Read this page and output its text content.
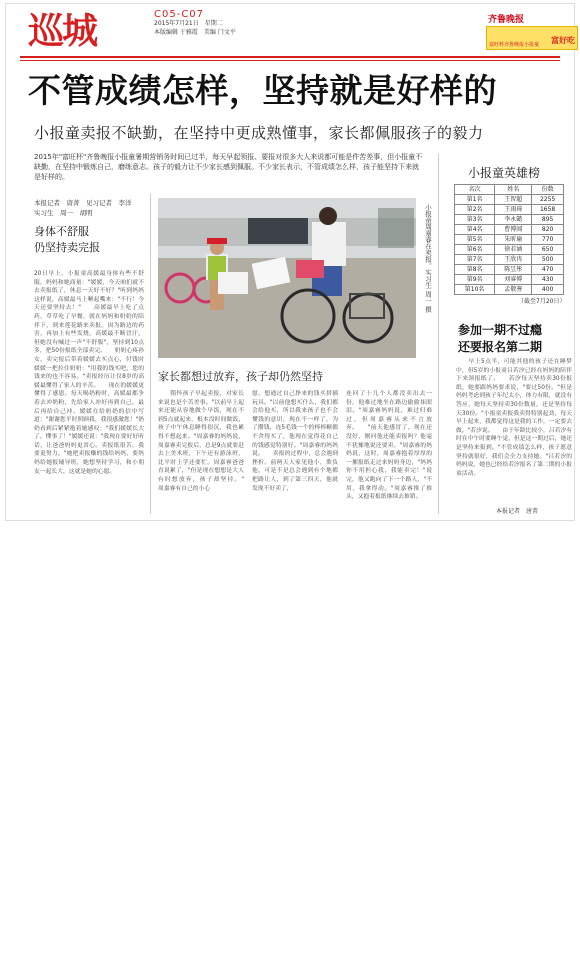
巡城	C05-C07
2015年7月21日　星期二
本版编辑 于雅霞　美编 门文平
齐鲁晚报
富旺杯齐鲁晚报小报童	富好吃
不管成绩怎样，坚持就是好样的
小报童卖报不缺勤，在坚持中更成熟懂事，家长都佩服孩子的毅力
2015年"富旺杯"齐鲁晚报小报童暑期营销务时间已过半，每天早起领报、要报对很多大人来说都可能是件苦差事，但小报童不缺勤，在坚持中锻炼自己，磨练意志。孩子的毅力让不少家长感到佩服。不少家长表示，不管成绩怎么样，孩子能坚持下来就是好样的。
本报记者　唐菁　见习记者　李洋
实习生　周一　胡明
身体不舒服
仍坚持卖完报
20日早上，小报童高媛最身体有些不舒服，妈妈和她商量："媛媛，今天咱们就不去卖报纸了，休息一天好不好？"听到妈妈这样说，高媛最马上噘起嘴来："不行！今天还要坚持去！"　　高媛最早上吃了点药，草草吃了早餐，就在妈妈和奶奶的陪伴下，到来莲花路来卖报。因为路边的药害，再加上有些发烧，高媛最不断冒汗，但她没有喊过一声"不舒服"，坚持到10点多，把50份报纸全部卖完。　　奶奶心疼孙女，卖完报后带着媛媛去买点心，付钱时媛媛一把拉住奶奶："用我的钱买吧，您的钱来的也不容易。"卖报经历让仅8岁的高媛最懂得了家人的辛苦。　　现在的媛媛更懂得了感恩。每天喝奶粉时，高媛最都争着去冲奶粉，先给家人冲好再到自己，最后再给自己冲。媛媛在给奶奶的信中写道："谢谢您平时照顾我，我很感激您！"奶奶看到后紧紧抱着她感叹："我们媛媛长大了，懂事了！"媛媛还说："我现在要好好听话，让爸爸妈妈更省心。卖报纸很苦，我要更努力。"她把卖报赚的钱给妈妈，要妈妈给她报辅导班，她想坚持学习，和小朋友一起长大，这就是她的心愿。
小报童周嘉睿在卖报。实习生 周一 摄
家长都想过放弃，孩子却仍然坚持
　　隋怀孩子早起卖报，对家长来说也是个苦差事。"以前早上起来还能从容地做个早饭，现在不到5点就起来，根本没时间做饭，孩子中午休息睡得很沉，我也累得不想起来。"周嘉睿的妈妈说，周嘉睿卖完报后，总是9点就要赶去上美术班，下午还有游泳班，比平时上学还要忙。周嘉睿爸爸直说累了，"但是现在想想是大人有时想放弃，孩子却坚持。"　　周嘉睿有自己的小心
愿，想通过自己挣来的钱买拼插玩具。"以前他想买什么，我们都会给他买，所以我来孩子也不会懂钱的意识，现在不一样了，为了攒钱，连5毛钱一个的棒棒糖都不舍得买了，他现在觉得花自己的钱感觉特别好。"周嘉睿的妈妈说。　　卖报的过程中，总会遇到挫折。前两天人家见他小，欺负他，可是不是总会遇到有个地都把路让人，到了第三四天，他就发现不好卖了，
连问了十几个人都没卖出去一份，他难过地坐在路边偷偷抹眼泪。"周嘉睿妈妈说，难过归难过，但周嘉睿从来不言放弃。　　"前天他感冒了，现在还没好，刚问他还能卖报吗？他毫不犹豫地说还要卖。"周嘉睿的妈妈说，这时，周嘉睿抱着厚厚的一摞报纸走过来妈妈身边，"妈妈你不用担心我，我能卖完！"说完，他又跑向了下一个路人，"不用，我拿得动。"周嘉睿推了推头，又抱着报纸继续去推销。
小报童英雄榜
名次	姓名	份数
第1名	王智超	2255
第2名	王雨琦	1658
第3名	李永懿	895
第4名	曹博闻	820
第5名	朱昕瑜	770
第6名	徐若涵	650
第7名	王欣冉	500
第8名	陈昱彤	470
第9名	刘睿博	430
第10名	孟敬謇	400
（截至7月20日）
参加一期不过瘾
还要报名第二期
　　早上5点半，可能其他的孩子还在睡梦中，但5岁的小报童吕若汐已经在妈妈的陪伴下来领报纸了。　　若汐每天坚持卖30份报纸，她要跟妈妈要求说，"要过50份。"但是妈妈考虑到孩子年纪太小，体力有限，就没有答应，她每天坚持卖30份数量，还是坚持每天30份。"小报童卖报我卖得特别起劲，每天早上起来，我都觉得这是我的工作，一定要去做。"若汐说。　　由于年龄比较小，吕若汐有时在中午时要睡午觉，但是这一期过后，她还是坚持来报到。"不管成绩怎么样，孩子愿意坚持就很好，我们会全力支持她。"吕若汐的妈妈说，她也已经给若汐报名了第二期的小报童活动。
本报记者　唐菁
